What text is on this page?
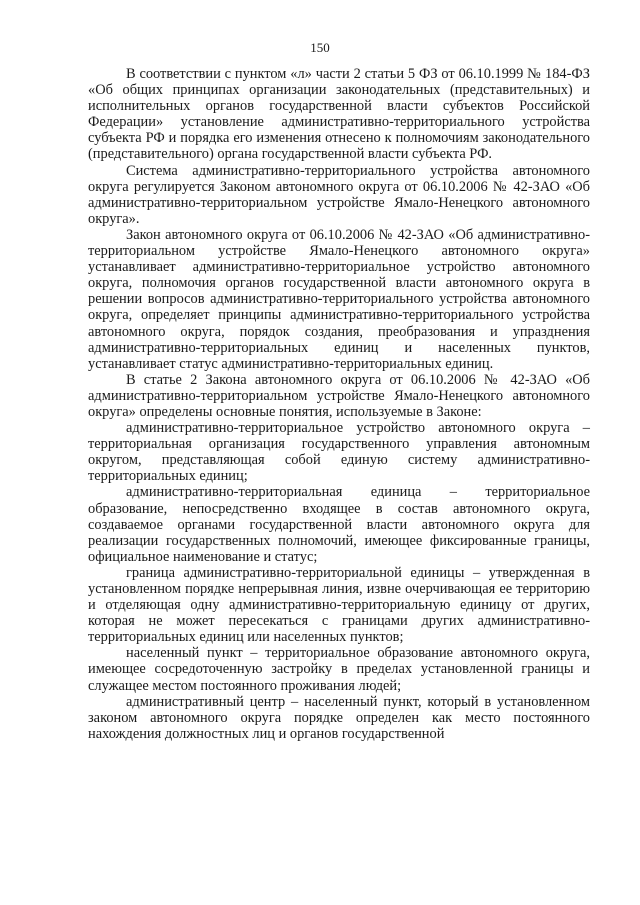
150

В соответствии с пунктом «л» части 2 статьи 5 ФЗ от 06.10.1999 № 184-ФЗ «Об общих принципах организации законодательных (представительных) и исполнительных органов государственной власти субъектов Российской Федерации» установление административно-территориального устройства субъекта РФ и порядка его изменения отнесено к полномочиям законодательного (представительного) органа государственной власти субъекта РФ.

Система административно-территориального устройства автономного округа регулируется Законом автономного округа от 06.10.2006 № 42-ЗАО «Об административно-территориальном устройстве Ямало-Ненецкого автономного округа».

Закон автономного округа от 06.10.2006 № 42-ЗАО «Об административно-территориальном устройстве Ямало-Ненецкого автономного округа» устанавливает административно-территориальное устройство автономного округа, полномочия органов государственной власти автономного округа в решении вопросов административно-территориального устройства автономного округа, определяет принципы административно-территориального устройства автономного округа, порядок создания, преобразования и упразднения административно-территориальных единиц и населенных пунктов, устанавливает статус административно-территориальных единиц.

В статье 2 Закона автономного округа от 06.10.2006 № 42-ЗАО «Об административно-территориальном устройстве Ямало-Ненецкого автономного округа» определены основные понятия, используемые в Законе:

административно-территориальное устройство автономного округа – территориальная организация государственного управления автономным округом, представляющая собой единую систему административно-территориальных единиц;

административно-территориальная единица – территориальное образование, непосредственно входящее в состав автономного округа, создаваемое органами государственной власти автономного округа для реализации государственных полномочий, имеющее фиксированные границы, официальное наименование и статус;

граница административно-территориальной единицы – утвержденная в установленном порядке непрерывная линия, извне очерчивающая ее территорию и отделяющая одну административно-территориальную единицу от других, которая не может пересекаться с границами других административно-территориальных единиц или населенных пунктов;

населенный пункт – территориальное образование автономного округа, имеющее сосредоточенную застройку в пределах установленной границы и служащее местом постоянного проживания людей;

административный центр – населенный пункт, который в установленном законом автономного округа порядке определен как место постоянного нахождения должностных лиц и органов государственной
